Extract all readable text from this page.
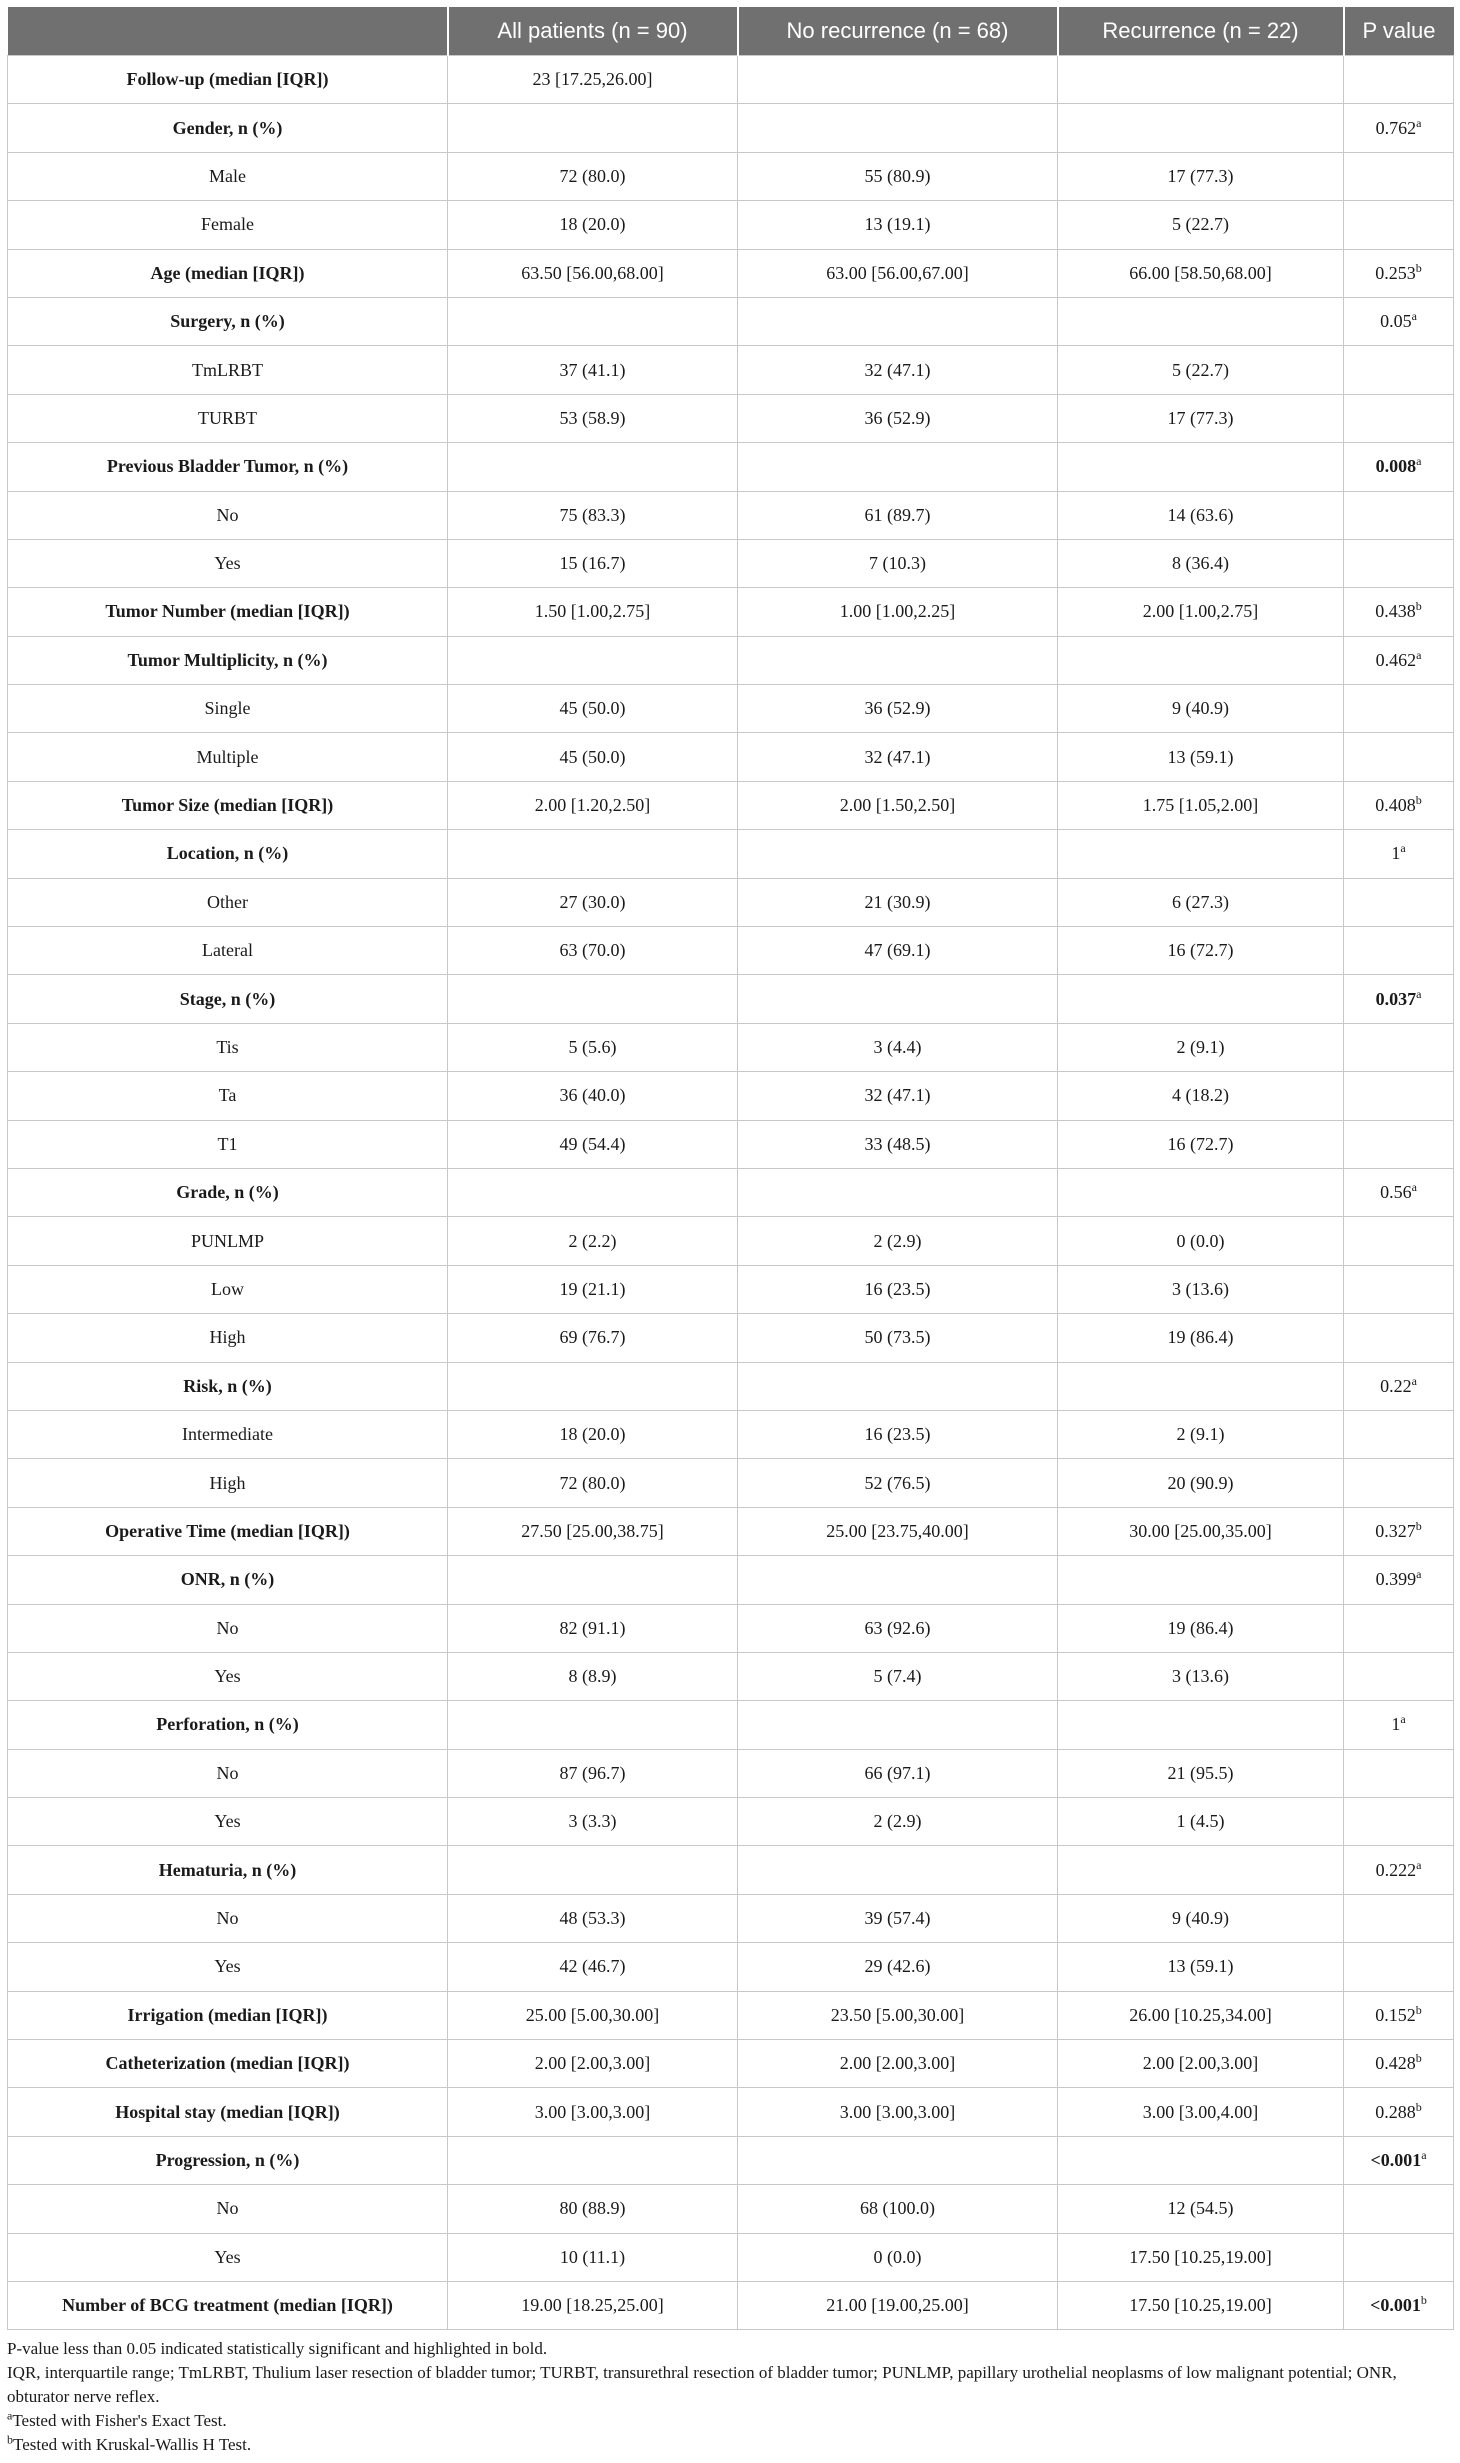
	All patients (n = 90)	No recurrence (n = 68)	Recurrence (n = 22)	P value
Follow-up (median [IQR])	23 [17.25,26.00]			
Gender, n (%)				0.762$^a$
Male	72 (80.0)	55 (80.9)	17 (77.3)	
Female	18 (20.0)	13 (19.1)	5 (22.7)	
Age (median [IQR])	63.50 [56.00,68.00]	63.00 [56.00,67.00]	66.00 [58.50,68.00]	0.253$^b$
Surgery, n (%)				0.05$^a$
TmLRBT	37 (41.1)	32 (47.1)	5 (22.7)	
TURBT	53 (58.9)	36 (52.9)	17 (77.3)	
Previous Bladder Tumor, n (%)				0.008$^a$
No	75 (83.3)	61 (89.7)	14 (63.6)	
Yes	15 (16.7)	7 (10.3)	8 (36.4)	
Tumor Number (median [IQR])	1.50 [1.00,2.75]	1.00 [1.00,2.25]	2.00 [1.00,2.75]	0.438$^b$
Tumor Multiplicity, n (%)				0.462$^a$
Single	45 (50.0)	36 (52.9)	9 (40.9)	
Multiple	45 (50.0)	32 (47.1)	13 (59.1)	
Tumor Size (median [IQR])	2.00 [1.20,2.50]	2.00 [1.50,2.50]	1.75 [1.05,2.00]	0.408$^b$
Location, n (%)				1$^a$
Other	27 (30.0)	21 (30.9)	6 (27.3)	
Lateral	63 (70.0)	47 (69.1)	16 (72.7)	
Stage, n (%)				0.037$^a$
Tis	5 (5.6)	3 (4.4)	2 (9.1)	
Ta	36 (40.0)	32 (47.1)	4 (18.2)	
T1	49 (54.4)	33 (48.5)	16 (72.7)	
Grade, n (%)				0.56$^a$
PUNLMP	2 (2.2)	2 (2.9)	0 (0.0)	
Low	19 (21.1)	16 (23.5)	3 (13.6)	
High	69 (76.7)	50 (73.5)	19 (86.4)	
Risk, n (%)				0.22$^a$
Intermediate	18 (20.0)	16 (23.5)	2 (9.1)	
High	72 (80.0)	52 (76.5)	20 (90.9)	
Operative Time (median [IQR])	27.50 [25.00,38.75]	25.00 [23.75,40.00]	30.00 [25.00,35.00]	0.327$^b$
ONR, n (%)				0.399$^a$
No	82 (91.1)	63 (92.6)	19 (86.4)	
Yes	8 (8.9)	5 (7.4)	3 (13.6)	
Perforation, n (%)				1$^a$
No	87 (96.7)	66 (97.1)	21 (95.5)	
Yes	3 (3.3)	2 (2.9)	1 (4.5)	
Hematuria, n (%)				0.222$^a$
No	48 (53.3)	39 (57.4)	9 (40.9)	
Yes	42 (46.7)	29 (42.6)	13 (59.1)	
Irrigation (median [IQR])	25.00 [5.00,30.00]	23.50 [5.00,30.00]	26.00 [10.25,34.00]	0.152$^b$
Catheterization (median [IQR])	2.00 [2.00,3.00]	2.00 [2.00,3.00]	2.00 [2.00,3.00]	0.428$^b$
Hospital stay (median [IQR])	3.00 [3.00,3.00]	3.00 [3.00,3.00]	3.00 [3.00,4.00]	0.288$^b$
Progression, n (%)				<0.001$^a$
No	80 (88.9)	68 (100.0)	12 (54.5)	
Yes	10 (11.1)	0 (0.0)	17.50 [10.25,19.00]	
Number of BCG treatment (median [IQR])	19.00 [18.25,25.00]	21.00 [19.00,25.00]	17.50 [10.25,19.00]	<0.001$^b$
P-value less than 0.05 indicated statistically significant and highlighted in bold.
IQR, interquartile range; TmLRBT, Thulium laser resection of bladder tumor; TURBT, transurethral resection of bladder tumor; PUNLMP, papillary urothelial neoplasms of low malignant potential; ONR, obturator nerve reflex.
$^a$Tested with Fisher's Exact Test.
$^b$Tested with Kruskal-Wallis H Test.
